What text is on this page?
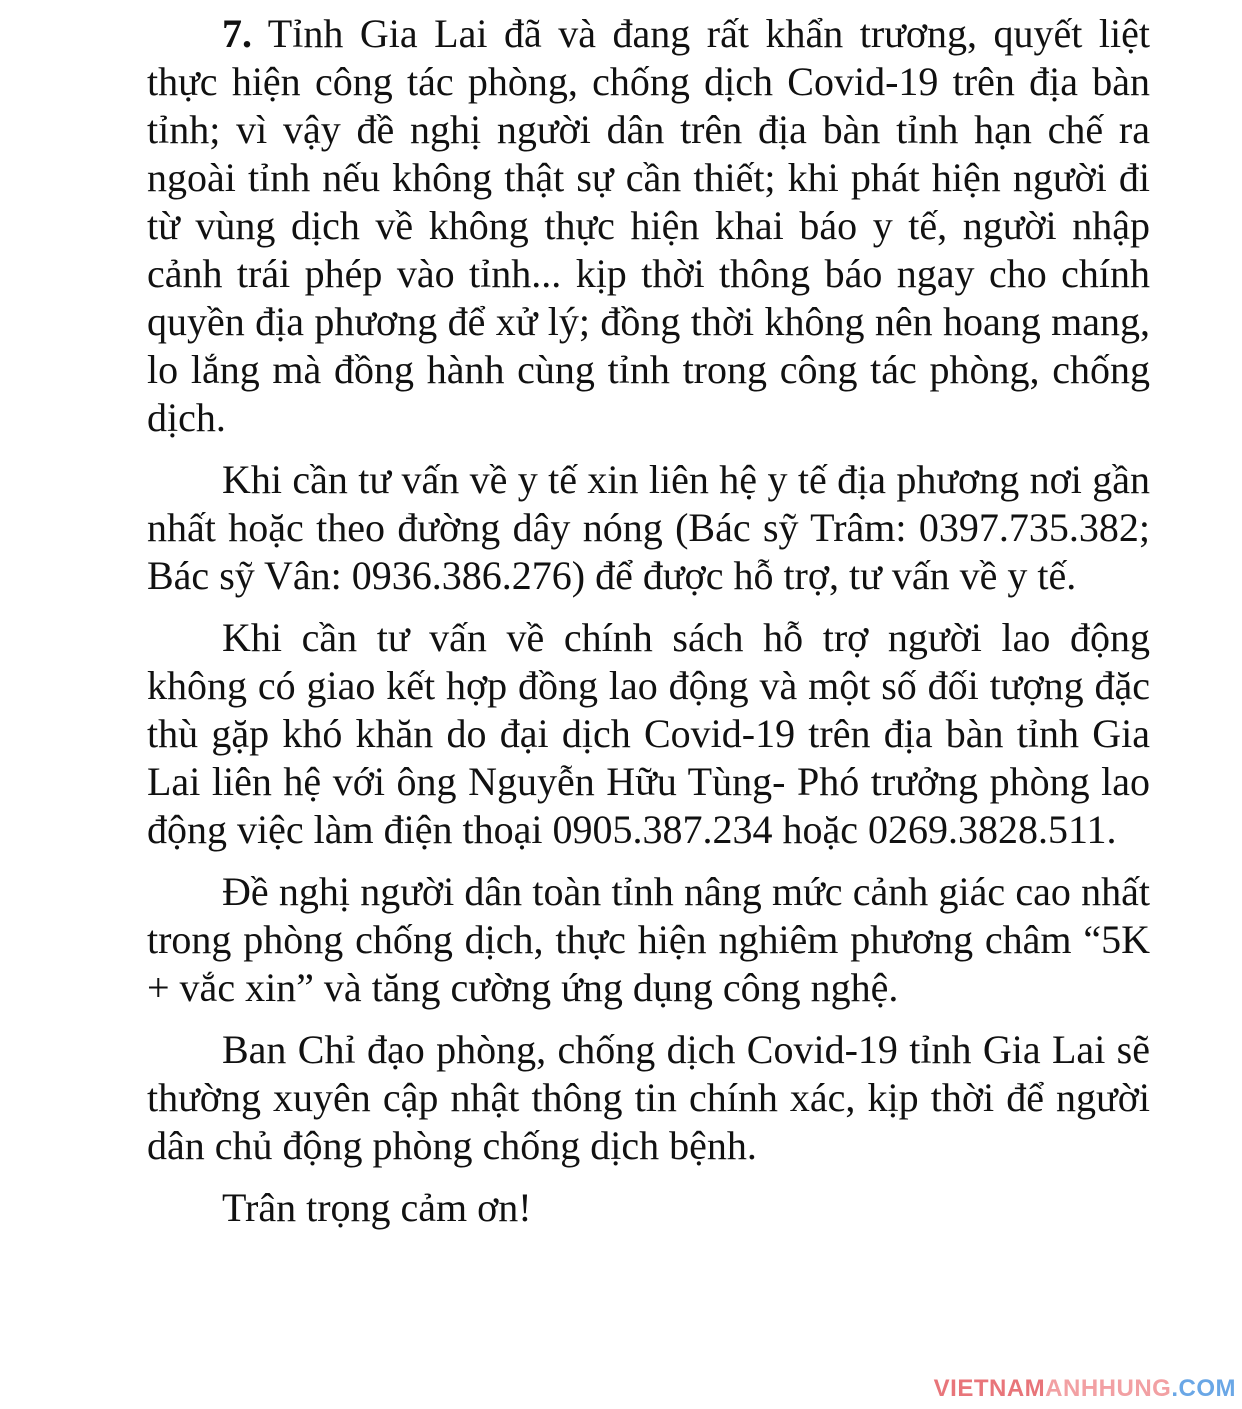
7. Tỉnh Gia Lai đã và đang rất khẩn trương, quyết liệt thực hiện công tác phòng, chống dịch Covid-19 trên địa bàn tỉnh; vì vậy đề nghị người dân trên địa bàn tỉnh hạn chế ra ngoài tỉnh nếu không thật sự cần thiết; khi phát hiện người đi từ vùng dịch về không thực hiện khai báo y tế, người nhập cảnh trái phép vào tỉnh... kịp thời thông báo ngay cho chính quyền địa phương để xử lý; đồng thời không nên hoang mang, lo lắng mà đồng hành cùng tỉnh trong công tác phòng, chống dịch.

Khi cần tư vấn về y tế xin liên hệ y tế địa phương nơi gần nhất hoặc theo đường dây nóng (Bác sỹ Trâm: 0397.735.382; Bác sỹ Vân: 0936.386.276) để được hỗ trợ, tư vấn về y tế.

Khi cần tư vấn về chính sách hỗ trợ người lao động không có giao kết hợp đồng lao động và một số đối tượng đặc thù gặp khó khăn do đại dịch Covid-19 trên địa bàn tỉnh Gia Lai liên hệ với ông Nguyễn Hữu Tùng- Phó trưởng phòng lao động việc làm điện thoại 0905.387.234 hoặc 0269.3828.511.

Đề nghị người dân toàn tỉnh nâng mức cảnh giác cao nhất trong phòng chống dịch, thực hiện nghiêm phương châm “5K + vắc xin” và tăng cường ứng dụng công nghệ.

Ban Chỉ đạo phòng, chống dịch Covid-19 tỉnh Gia Lai sẽ thường xuyên cập nhật thông tin chính xác, kịp thời để người dân chủ động phòng chống dịch bệnh.

Trân trọng cảm ơn!

VIETNAMANHHUNG.COM
